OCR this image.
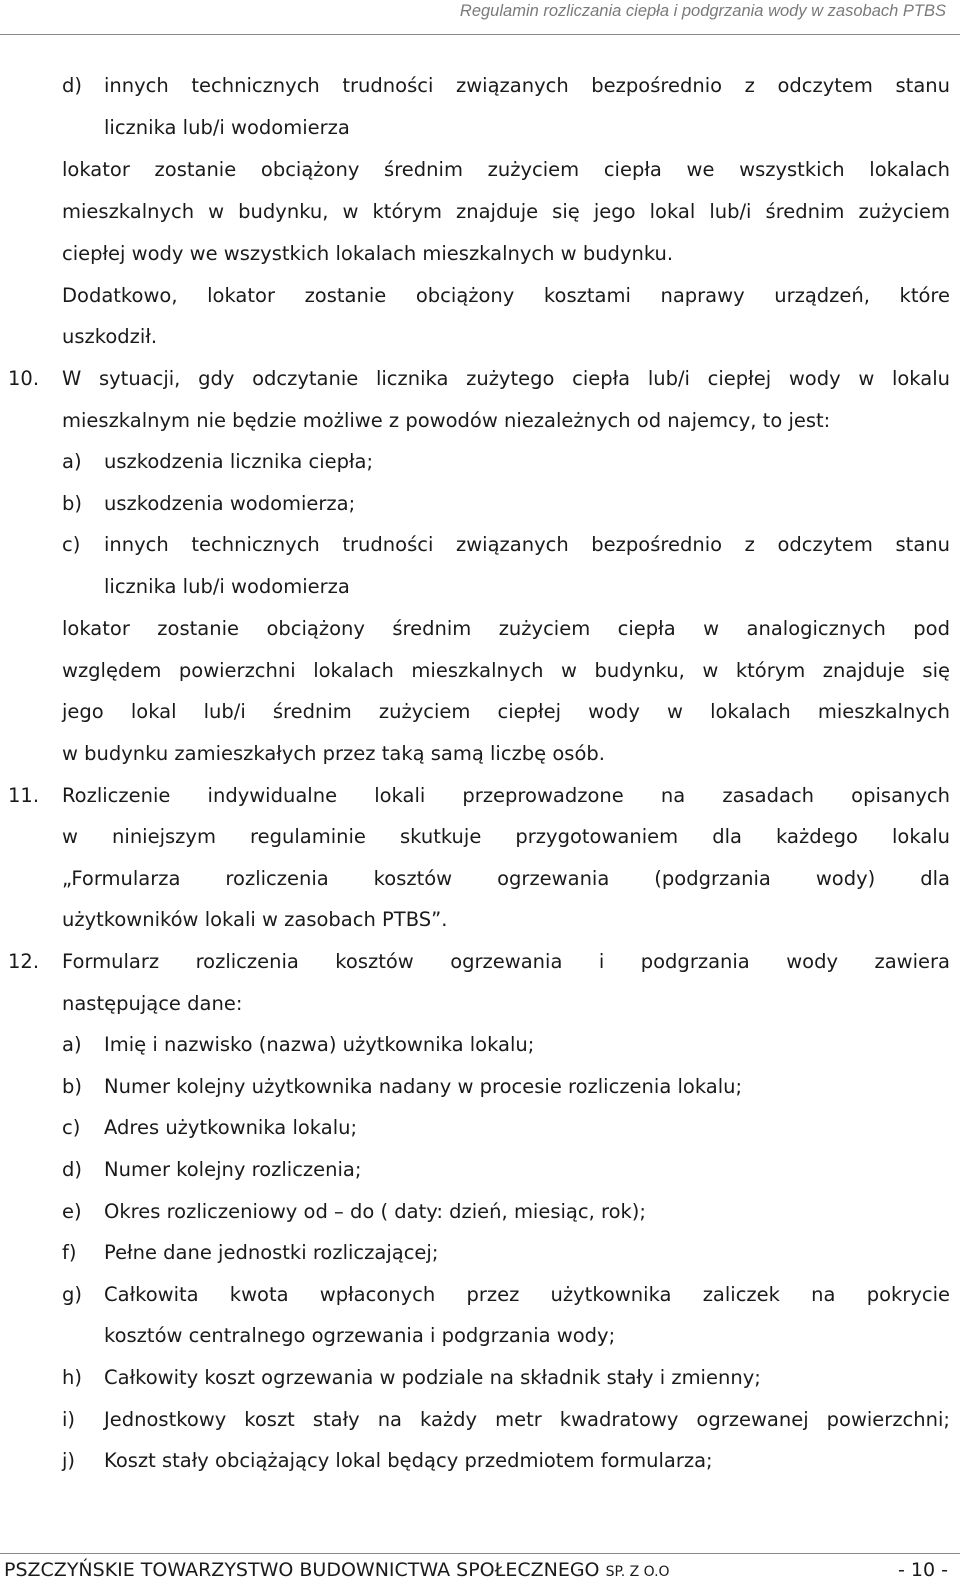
Regulamin rozliczania ciepła i podgrzania wody w zasobach PTBS
d) innych technicznych trudności związanych bezpośrednio z odczytem stanu
licznika lub/i wodomierza
lokator zostanie obciążony średnim zużyciem ciepła we wszystkich lokalach
mieszkalnych w budynku, w którym znajduje się jego lokal lub/i średnim zużyciem
ciepłej wody we wszystkich lokalach mieszkalnych w budynku.
Dodatkowo, lokator zostanie obciążony kosztami naprawy urządzeń, które
uszkodził.
10. W sytuacji, gdy odczytanie licznika zużytego ciepła lub/i ciepłej wody w lokalu
mieszkalnym nie będzie możliwe z powodów niezależnych od najemcy, to jest:
a) uszkodzenia licznika ciepła;
b) uszkodzenia wodomierza;
c) innych technicznych trudności związanych bezpośrednio z odczytem stanu
licznika lub/i wodomierza
lokator zostanie obciążony średnim zużyciem ciepła w analogicznych pod
względem powierzchni lokalach mieszkalnych w budynku, w którym znajduje się
jego lokal lub/i średnim zużyciem ciepłej wody w lokalach mieszkalnych
w budynku zamieszkałych przez taką samą liczbę osób.
11. Rozliczenie indywidualne lokali przeprowadzone na zasadach opisanych
w niniejszym regulaminie skutkuje przygotowaniem dla każdego lokalu
„Formularza rozliczenia kosztów ogrzewania (podgrzania wody) dla
użytkowników lokali w zasobach PTBS”.
12. Formularz rozliczenia kosztów ogrzewania i podgrzania wody zawiera
następujące dane:
a) Imię i nazwisko (nazwa) użytkownika lokalu;
b) Numer kolejny użytkownika nadany w procesie rozliczenia lokalu;
c) Adres użytkownika lokalu;
d) Numer kolejny rozliczenia;
e) Okres rozliczeniowy od – do ( daty: dzień, miesiąc, rok);
f) Pełne dane jednostki rozliczającej;
g) Całkowita kwota wpłaconych przez użytkownika zaliczek na pokrycie
kosztów centralnego ogrzewania i podgrzania wody;
h) Całkowity koszt ogrzewania w podziale na składnik stały i zmienny;
i) Jednostkowy koszt stały na każdy metr kwadratowy ogrzewanej powierzchni;
j) Koszt stały obciążający lokal będący przedmiotem formularza;
PSZCZYŃSKIE TOWARZYSTWO BUDOWNICTWA SPOŁECZNEGO SP. Z O.O	- 10 -
